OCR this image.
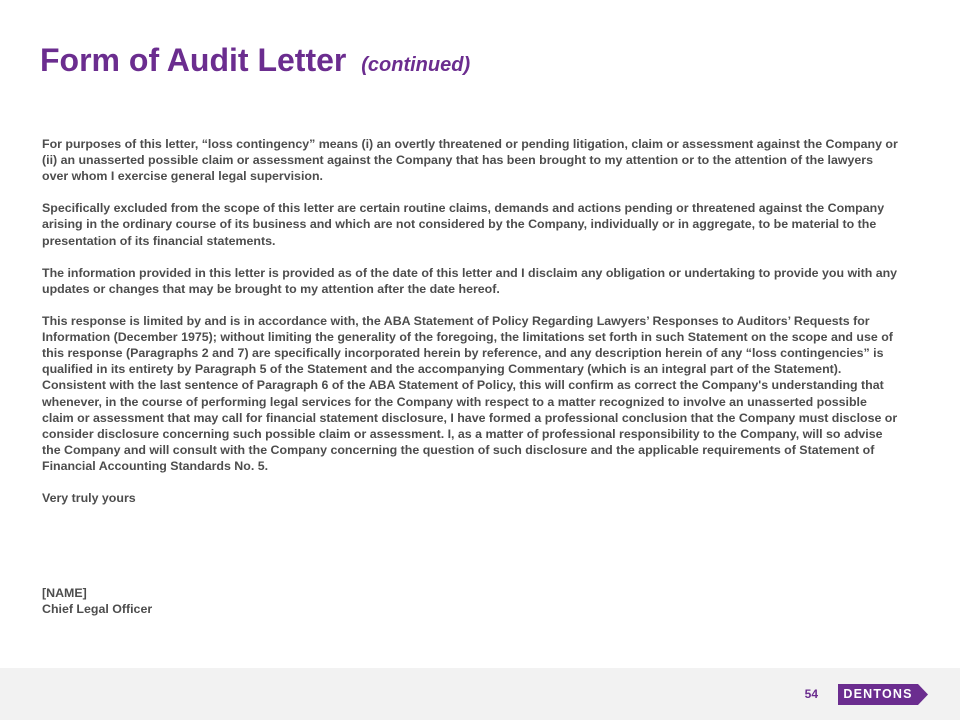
Form of Audit Letter (continued)

For purposes of this letter, “loss contingency” means (i) an overtly threatened or pending litigation, claim or assessment against the Company or (ii) an unasserted possible claim or assessment against the Company that has been brought to my attention or to the attention of the lawyers over whom I exercise general legal supervision.

Specifically excluded from the scope of this letter are certain routine claims, demands and actions pending or threatened against the Company arising in the ordinary course of its business and which are not considered by the Company, individually or in aggregate, to be material to the presentation of its financial statements.

The information provided in this letter is provided as of the date of this letter and I disclaim any obligation or undertaking to provide you with any updates or changes that may be brought to my attention after the date hereof.

This response is limited by and is in accordance with, the ABA Statement of Policy Regarding Lawyers’ Responses to Auditors’ Requests for Information (December 1975); without limiting the generality of the foregoing, the limitations set forth in such Statement on the scope and use of this response (Paragraphs 2 and 7) are specifically incorporated herein by reference, and any description herein of any “loss contingencies” is qualified in its entirety by Paragraph 5 of the Statement and the accompanying Commentary (which is an integral part of the Statement). Consistent with the last sentence of Paragraph 6 of the ABA Statement of Policy, this will confirm as correct the Company's understanding that whenever, in the course of performing legal services for the Company with respect to a matter recognized to involve an unasserted possible claim or assessment that may call for financial statement disclosure, I have formed a professional conclusion that the Company must disclose or consider disclosure concerning such possible claim or assessment. I, as a matter of professional responsibility to the Company, will so advise the Company and will consult with the Company concerning the question of such disclosure and the applicable requirements of Statement of Financial Accounting Standards No. 5.

Very truly yours

[NAME]
Chief Legal Officer
54	DENTONS
